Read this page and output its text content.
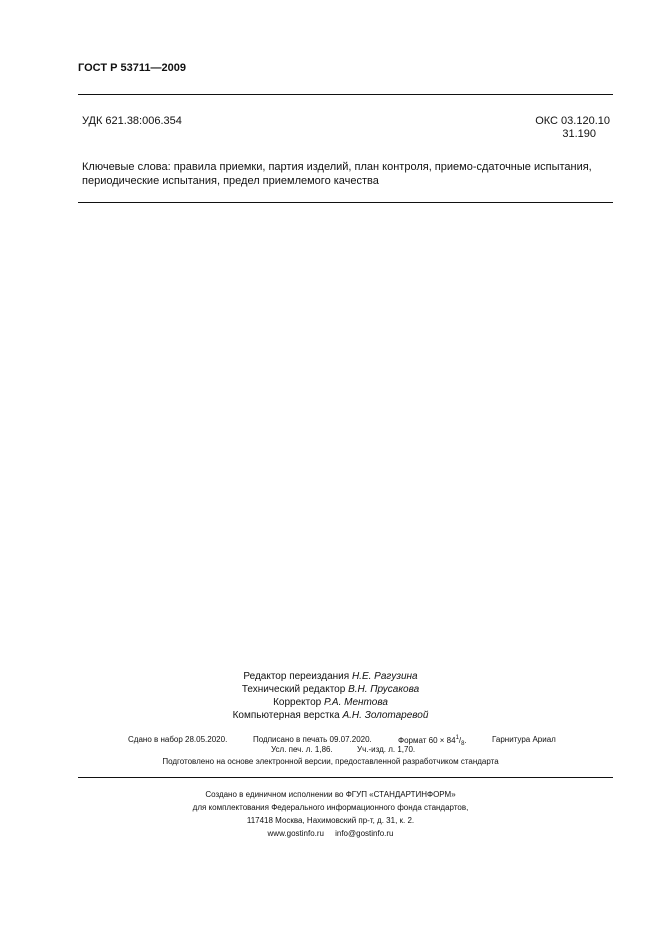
ГОСТ Р 53711—2009
УДК 621.38:006.354	ОКС 03.120.10
31.190
Ключевые слова: правила приемки, партия изделий, план контроля, приемо-сдаточные испытания,
периодические испытания, предел приемлемого качества
Редактор переиздания Н.Е. Рагузина
Технический редактор В.Н. Прусакова
Корректор Р.А. Ментова
Компьютерная верстка А.Н. Золотаревой
Сдано в набор 28.05.2020.	Подписано в печать 09.07.2020.	Формат $60 \times 84^1/_8$.	Гарнитура Ариал
Усл. печ. л. 1,86.	Уч.-изд. л. 1,70.
Подготовлено на основе электронной версии, предоставленной разработчиком стандарта
Создано в единичном исполнении во ФГУП «СТАНДАРТИНФОРМ»
для комплектования Федерального информационного фонда стандартов,
117418 Москва, Нахимовский пр-т, д. 31, к. 2.
www.gostinfo.ru info@gostinfo.ru
